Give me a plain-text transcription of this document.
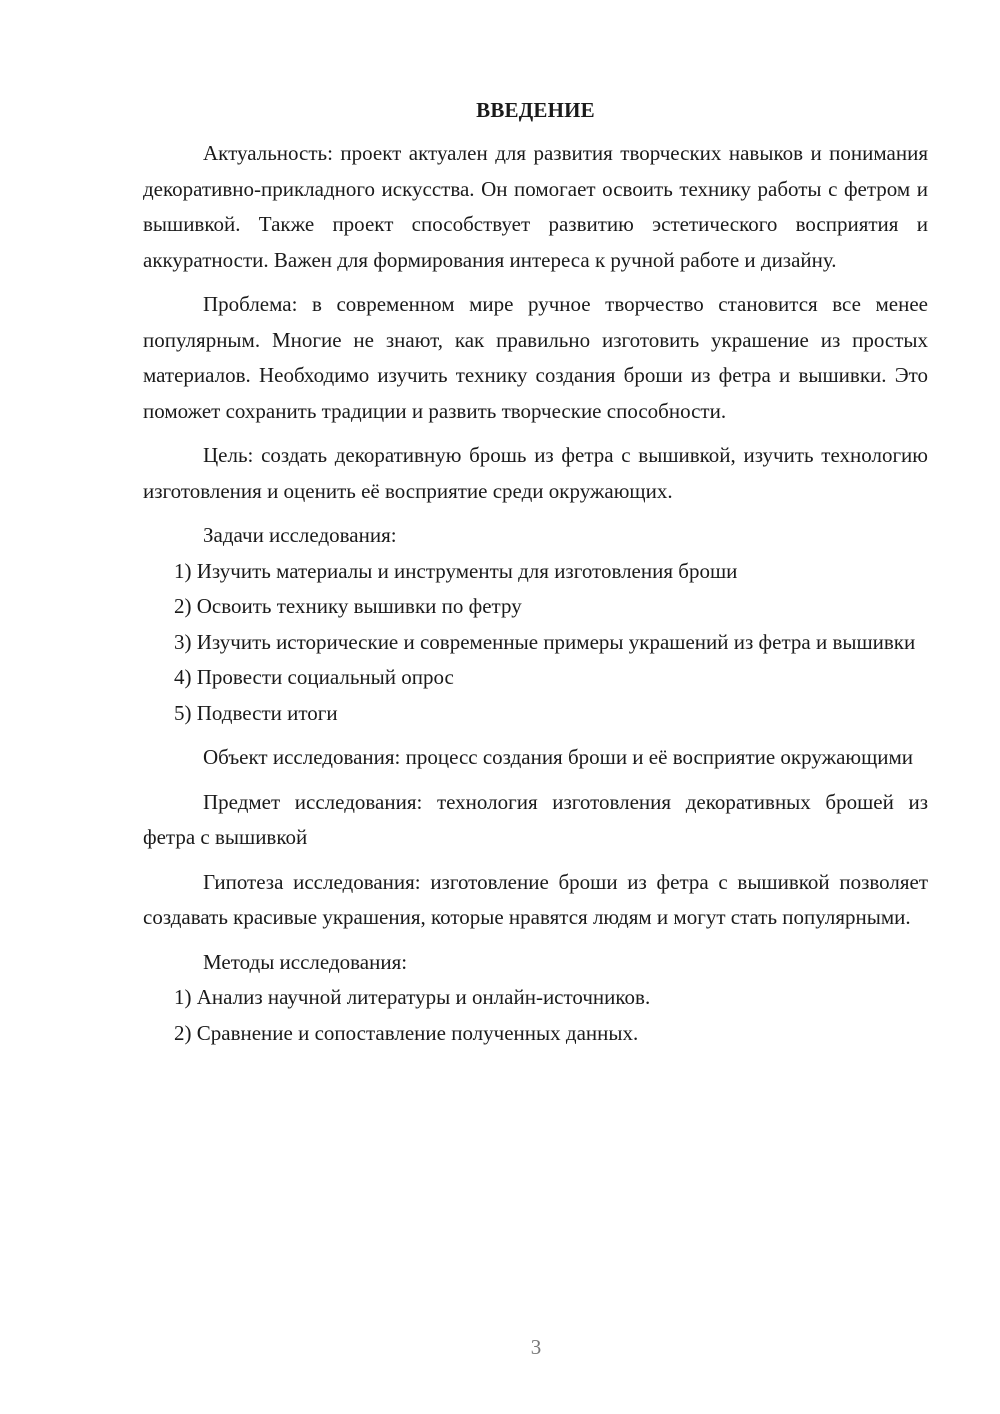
ВВЕДЕНИЕ

Актуальность: проект актуален для развития творческих навыков и понимания декоративно-прикладного искусства. Он помогает освоить технику работы с фетром и вышивкой. Также проект способствует развитию эстетического восприятия и аккуратности. Важен для формирования интереса к ручной работе и дизайну.

Проблема: в современном мире ручное творчество становится все менее популярным. Многие не знают, как правильно изготовить украшение из простых материалов. Необходимо изучить технику создания броши из фетра и вышивки. Это поможет сохранить традиции и развить творческие способности.

Цель: создать декоративную брошь из фетра с вышивкой, изучить технологию изготовления и оценить её восприятие среди окружающих.

Задачи исследования:

1) Изучить материалы и инструменты для изготовления броши

2) Освоить технику вышивки по фетру

3) Изучить исторические и современные примеры украшений из фетра и вышивки

4) Провести социальный опрос

5) Подвести итоги

Объект исследования: процесс создания броши и её восприятие окружающими

Предмет исследования: технология изготовления декоративных брошей из фетра с вышивкой

Гипотеза исследования: изготовление броши из фетра с вышивкой позволяет создавать красивые украшения, которые нравятся людям и могут стать популярными.

Методы исследования:

1) Анализ научной литературы и онлайн-источников.

2) Сравнение и сопоставление полученных данных.

3
